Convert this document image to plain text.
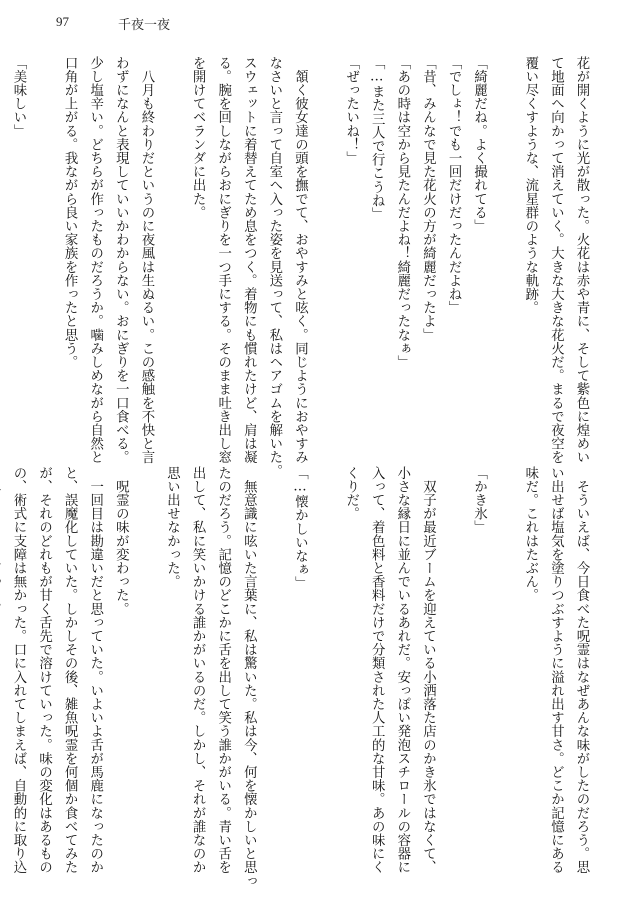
97	千夜一夜

花が開くように光が散った。火花は赤や青に、そして紫色に煌めい

て地面へ向かって消えていく。大きな大きな花火だ。まるで夜空を

覆い尽くすような、流星群のような軌跡。

「綺麗だね。よく撮れてる」

「でしょ！でも一回だけだったんだよね」

「昔、みんなで見た花火の方が綺麗だったよ」

「あの時は空から見たんだよね！綺麗だったなぁ」

「…また三人で行こうね」

「ぜったいね！」

　頷く彼女達の頭を撫でて、おやすみと呟く。同じようにおやすみ

なさいと言って自室へ入った姿を見送って、私はヘアゴムを解いた。

スウェットに着替えてため息をつく。着物にも慣れたけど、肩は凝

る。腕を回しながらおにぎりを一つ手にする。そのまま吐き出し窓

を開けてベランダに出た。

　八月も終わりだというのに夜風は生ぬるい。この感触を不快と言

わずになんと表現していいかわからない。おにぎりを一口食べる。

少し塩辛い。どちらが作ったものだろうか。噛みしめながら自然と

口角が上がる。我ながら良い家族を作ったと思う。

「美味しい」

　そういえば、今日食べた呪霊はなぜあんな味がしたのだろう。思

い出せば塩気を塗りつぶすように溢れ出す甘さ。どこか記憶にある

味だ。これはたぶん。

「かき氷」

　双子が最近ブームを迎えている小洒落た店のかき氷ではなくて、

小さな縁日に並んでいるあれだ。安っぽい発泡スチロールの容器に

入って、着色料と香料だけで分類された人工的な甘味。あの味にく

くりだ。

「…懐かしいなぁ」

　無意識に呟いた言葉に、私は驚いた。私は今、何を懐かしいと思っ

たのだろう。記憶のどこかに舌を出して笑う誰かがいる。青い舌を

出して、私に笑いかける誰かがいるのだ。しかし、それが誰なのか

思い出せなかった。

　呪霊の味が変わった。

　一回目は勘違いだと思っていた。いよいよ舌が馬鹿になったのか

と、誤魔化していた。しかしその後、雑魚呪霊を何個か食べてみた

が、それのどれもが甘く舌先で溶けていった。味の変化はあるもの

の、術式に支障は無かった。口に入れてしまえば、自動的に取り込
